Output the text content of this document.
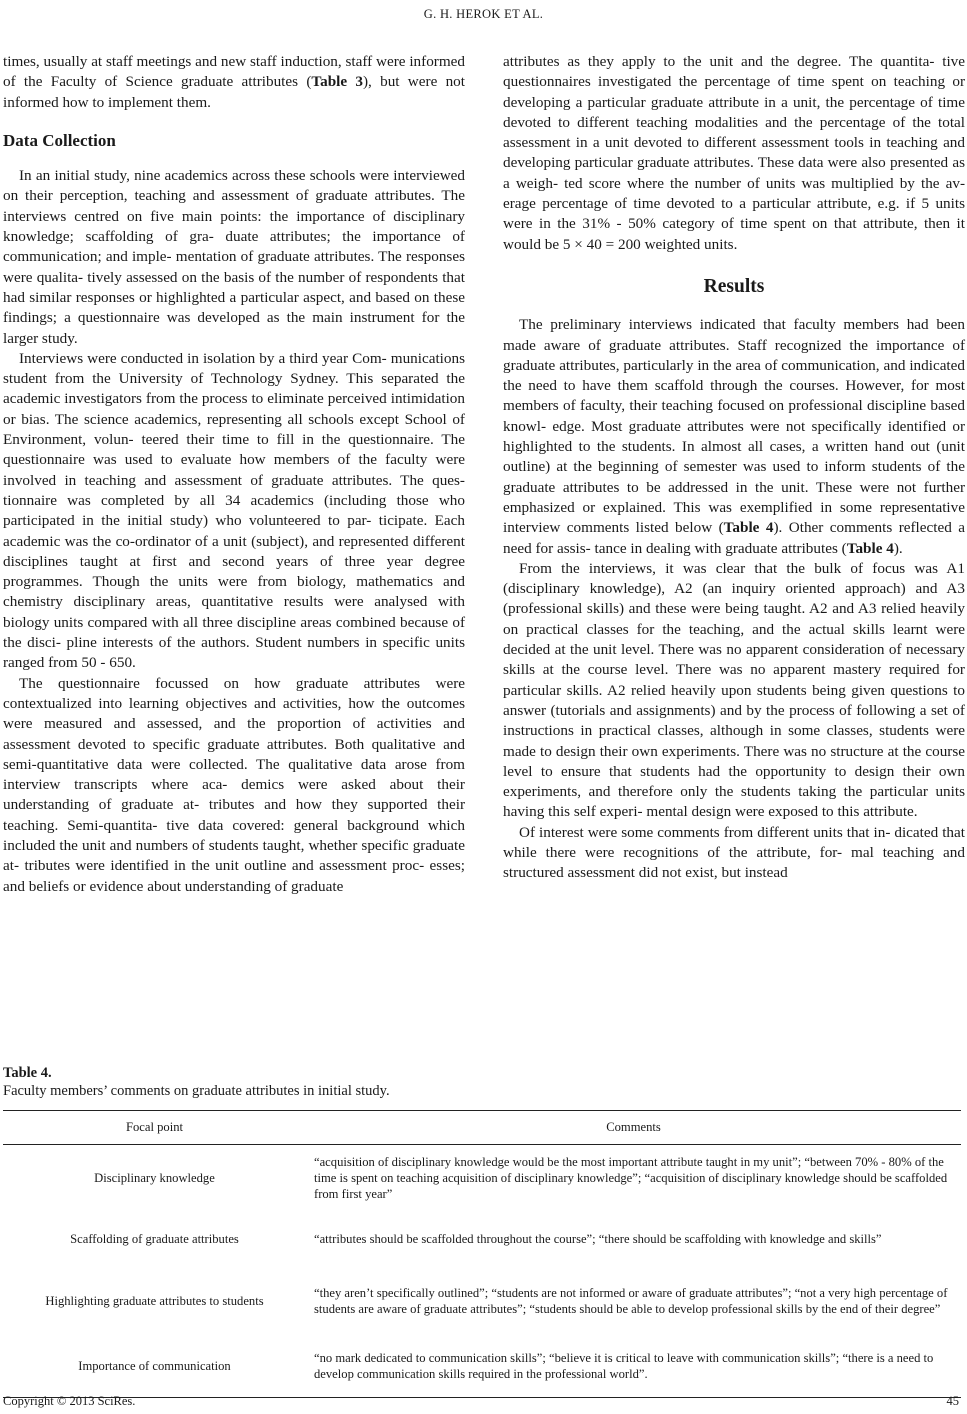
G. H. HEROK ET AL.

times, usually at staff meetings and new staff induction, staff were informed of the Faculty of Science graduate attributes (Table 3), but were not informed how to implement them.

Data Collection

In an initial study, nine academics across these schools were interviewed on their perception, teaching and assessment of graduate attributes. The interviews centred on five main points: the importance of disciplinary knowledge; scaffolding of gra- duate attributes; the importance of communication; and imple- mentation of graduate attributes. The responses were qualita- tively assessed on the basis of the number of respondents that had similar responses or highlighted a particular aspect, and based on these findings; a questionnaire was developed as the main instrument for the larger study.

Interviews were conducted in isolation by a third year Com- munications student from the University of Technology Sydney. This separated the academic investigators from the process to eliminate perceived intimidation or bias. The science academics, representing all schools except School of Environment, volun- teered their time to fill in the questionnaire. The questionnaire was used to evaluate how members of the faculty were involved in teaching and assessment of graduate attributes. The ques- tionnaire was completed by all 34 academics (including those who participated in the initial study) who volunteered to par- ticipate. Each academic was the co-ordinator of a unit (subject), and represented different disciplines taught at first and second years of three year degree programmes. Though the units were from biology, mathematics and chemistry disciplinary areas, quantitative results were analysed with biology units compared with all three discipline areas combined because of the disci- pline interests of the authors. Student numbers in specific units ranged from 50 - 650.

The questionnaire focussed on how graduate attributes were contextualized into learning objectives and activities, how the outcomes were measured and assessed, and the proportion of activities and assessment devoted to specific graduate attributes. Both qualitative and semi-quantitative data were collected. The qualitative data arose from interview transcripts where aca- demics were asked about their understanding of graduate at- tributes and how they supported their teaching. Semi-quantita- tive data covered: general background which included the unit and numbers of students taught, whether specific graduate at- tributes were identified in the unit outline and assessment proc- esses; and beliefs or evidence about understanding of graduate

attributes as they apply to the unit and the degree. The quantita- tive questionnaires investigated the percentage of time spent on teaching or developing a particular graduate attribute in a unit, the percentage of time devoted to different teaching modalities and the percentage of the total assessment in a unit devoted to different assessment tools in teaching and developing particular graduate attributes. These data were also presented as a weigh- ted score where the number of units was multiplied by the av- erage percentage of time devoted to a particular attribute, e.g. if 5 units were in the 31% - 50% category of time spent on that attribute, then it would be 5 × 40 = 200 weighted units.

Results

The preliminary interviews indicated that faculty members had been made aware of graduate attributes. Staff recognized the importance of graduate attributes, particularly in the area of communication, and indicated the need to have them scaffold through the courses. However, for most members of faculty, their teaching focused on professional discipline based knowl- edge. Most graduate attributes were not specifically identified or highlighted to the students. In almost all cases, a written hand out (unit outline) at the beginning of semester was used to inform students of the graduate attributes to be addressed in the unit. These were not further emphasized or explained. This was exemplified in some representative interview comments listed below (Table 4). Other comments reflected a need for assis- tance in dealing with graduate attributes (Table 4).

From the interviews, it was clear that the bulk of focus was A1 (disciplinary knowledge), A2 (an inquiry oriented approach) and A3 (professional skills) and these were being taught. A2 and A3 relied heavily on practical classes for the teaching, and the actual skills learnt were decided at the unit level. There was no apparent consideration of necessary skills at the course level. There was no apparent mastery required for particular skills. A2 relied heavily upon students being given questions to answer (tutorials and assignments) and by the process of following a set of instructions in practical classes, although in some classes, students were made to design their own experiments. There was no structure at the course level to ensure that students had the opportunity to design their own experiments, and therefore only the students taking the particular units having this self experi- mental design were exposed to this attribute.

Of interest were some comments from different units that in- dicated that while there were recognitions of the attribute, for- mal teaching and structured assessment did not exist, but instead

Table 4.
Faculty members’ comments on graduate attributes in initial study.
Focal point	Comments
Disciplinary knowledge	“acquisition of disciplinary knowledge would be the most important attribute taught in my unit”; “between 70% - 80% of the time is spent on teaching acquisition of disciplinary knowledge”; “acquisition of disciplinary knowledge should be scaffolded from first year”
Scaffolding of graduate attributes	“attributes should be scaffolded throughout the course”; “there should be scaffolding with knowledge and skills”
Highlighting graduate attributes to students	“they aren’t specifically outlined”; “students are not informed or aware of graduate attributes”; “not a very high percentage of students are aware of graduate attributes”; “students should be able to develop professional skills by the end of their degree”
Importance of communication	“no mark dedicated to communication skills”; “believe it is critical to leave with communication skills”; “there is a need to develop communication skills required in the professional world”.
Copyright © 2013 SciRes.	45
